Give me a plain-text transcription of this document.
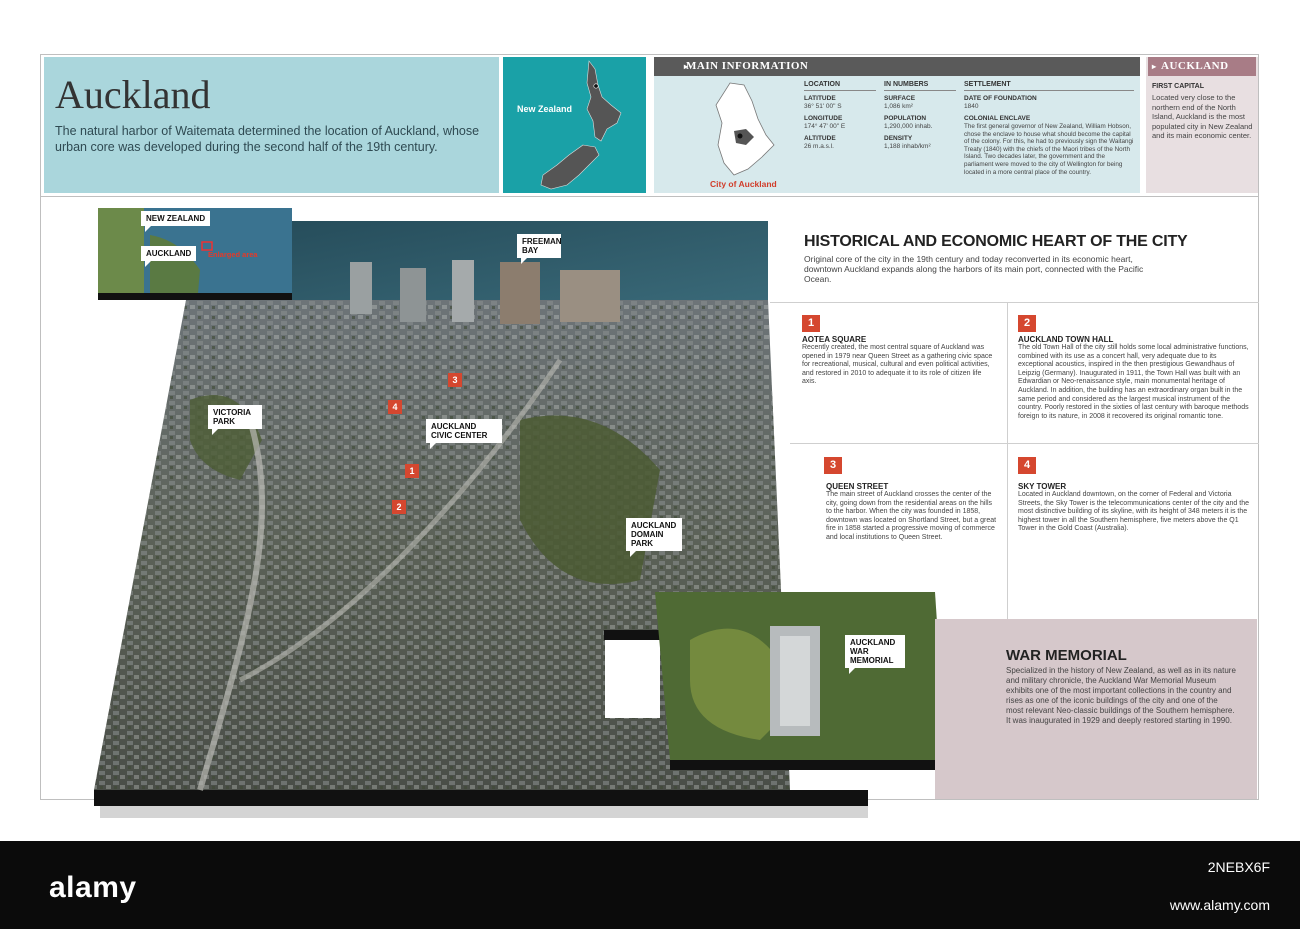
Auckland

The natural harbor of Waitemata determined the location of Auckland, whose urban core was developed during the second half of the 19th century.

New Zealand
▸ MAIN INFORMATION
City of Auckland
LOCATION
LATITUDE
36° 51' 00" S
LONGITUDE
174° 47' 00" E
ALTITUDE
26 m.a.s.l.
IN NUMBERS
SURFACE
1,086 km²
POPULATION
1,290,000 inhab.
DENSITY
1,188 inhab/km²
SETTLEMENT
DATE OF FOUNDATION
1840
COLONIAL ENCLAVE
The first general governor of New Zealand, William Hobson, chose the enclave to house what should become the capital of the colony. For this, he had to previously sign the Waitangi Treaty (1840) with the chiefs of the Maori tribes of the North Island. Two decades later, the government and the parliament were moved to the city of Wellington for being located in a more central place of the country.
FIRST CAPITAL
Located very close to the northern end of the North Island, Auckland is the most populated city in New Zealand and its main economic center.
▸ AUCKLAND
NEW ZEALAND
AUCKLAND	Enlarged area
FREEMAN BAY
VICTORIA PARK
AUCKLAND CIVIC CENTER
AUCKLAND DOMAIN PARK
AUCKLAND WAR MEMORIAL
3
4
1
2
HISTORICAL AND ECONOMIC HEART OF THE CITY
Original core of the city in the 19th century and today reconverted in its economic heart, downtown Auckland expands along the harbors of its main port, connected with the Pacific Ocean.
1
AOTEA SQUARE
Recently created, the most central square of Auckland was opened in 1979 near Queen Street as a gathering civic space for recreational, musical, cultural and even political activities, and restored in 2010 to adequate it to its role of citizen life axis.
2
AUCKLAND TOWN HALL
The old Town Hall of the city still holds some local administrative functions, combined with its use as a concert hall, very adequate due to its exceptional acoustics, inspired in the then prestigious Gewandhaus of Leipzig (Germany). Inaugurated in 1911, the Town Hall was built with an Edwardian or Neo-renaissance style, main monumental heritage of Auckland. In addition, the building has an extraordinary organ built in the same period and considered as the largest musical instrument of the country. Poorly restored in the sixties of last century with baroque methods foreign to its nature, in 2008 it recovered its original romantic tone.
3
QUEEN STREET
The main street of Auckland crosses the center of the city, going down from the residential areas on the hills to the harbor. When the city was founded in 1858, downtown was located on Shortland Street, but a great fire in 1858 started a progressive moving of commerce and local institutions to Queen Street.
4
SKY TOWER
Located in Auckland downtown, on the corner of Federal and Victoria Streets, the Sky Tower is the telecommunications center of the city and the most distinctive building of its skyline, with its height of 348 meters it is the highest tower in all the Southern hemisphere, five meters above the Q1 Tower in the Gold Coast (Australia).
WAR MEMORIAL
Specialized in the history of New Zealand, as well as in its nature and military chronicle, the Auckland War Memorial Museum exhibits one of the most important collections in the country and rises as one of the iconic buildings of the city and one of the most relevant Neo-classic buildings of the Southern hemisphere. It was inaugurated in 1929 and deeply restored starting in 1990.
alamy
2NEBX6F
www.alamy.com
